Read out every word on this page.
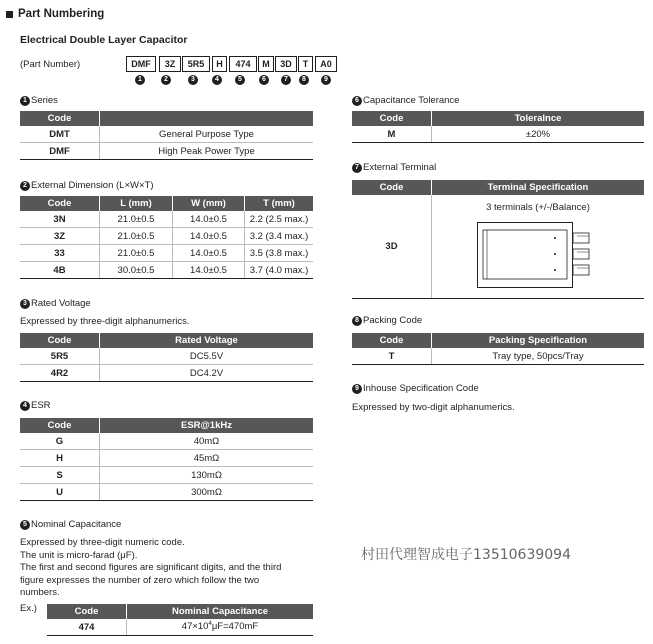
Part Numbering
Electrical Double Layer Capacitor
(Part Number)	DMF	3Z	5R5	H	474	M	3D	T	A0
1	2	3	4	5	6	7	8	9
1 Series
Code	
DMT	General Purpose Type
DMF	High Peak Power Type
2 External Dimension (L×W×T)
Code	L (mm)	W (mm)	T (mm)
3N	21.0±0.5	14.0±0.5	2.2 (2.5 max.)
3Z	21.0±0.5	14.0±0.5	3.2 (3.4 max.)
33	21.0±0.5	14.0±0.5	3.5 (3.8 max.)
4B	30.0±0.5	14.0±0.5	3.7 (4.0 max.)
3 Rated Voltage
Expressed by three-digit alphanumerics.
Code	Rated Voltage
5R5	DC5.5V
4R2	DC4.2V
4 ESR
Code	ESR@1kHz
G	40mΩ
H	45mΩ
S	130mΩ
U	300mΩ
5 Nominal Capacitance
Expressed by three-digit numeric code.
The unit is micro-farad (μF).
The first and second figures are significant digits, and the third
figure expresses the number of zero which follow the two
numbers.
Ex.)	Code	Nominal Capacitance
474	$47\times 10^4\mu F=470mF$
6 Capacitance Tolerance
Code	Toleralnce
M	±20%
7 External Terminal
Code	Terminal Specification
3D	3 terminals (+/-/Balance)
8 Packing Code
Code	Packing Specification
T	Tray type, 50pcs/Tray
9 Inhouse Specification Code
Expressed by two-digit alphanumerics.
村田代理智成电子13510639094
